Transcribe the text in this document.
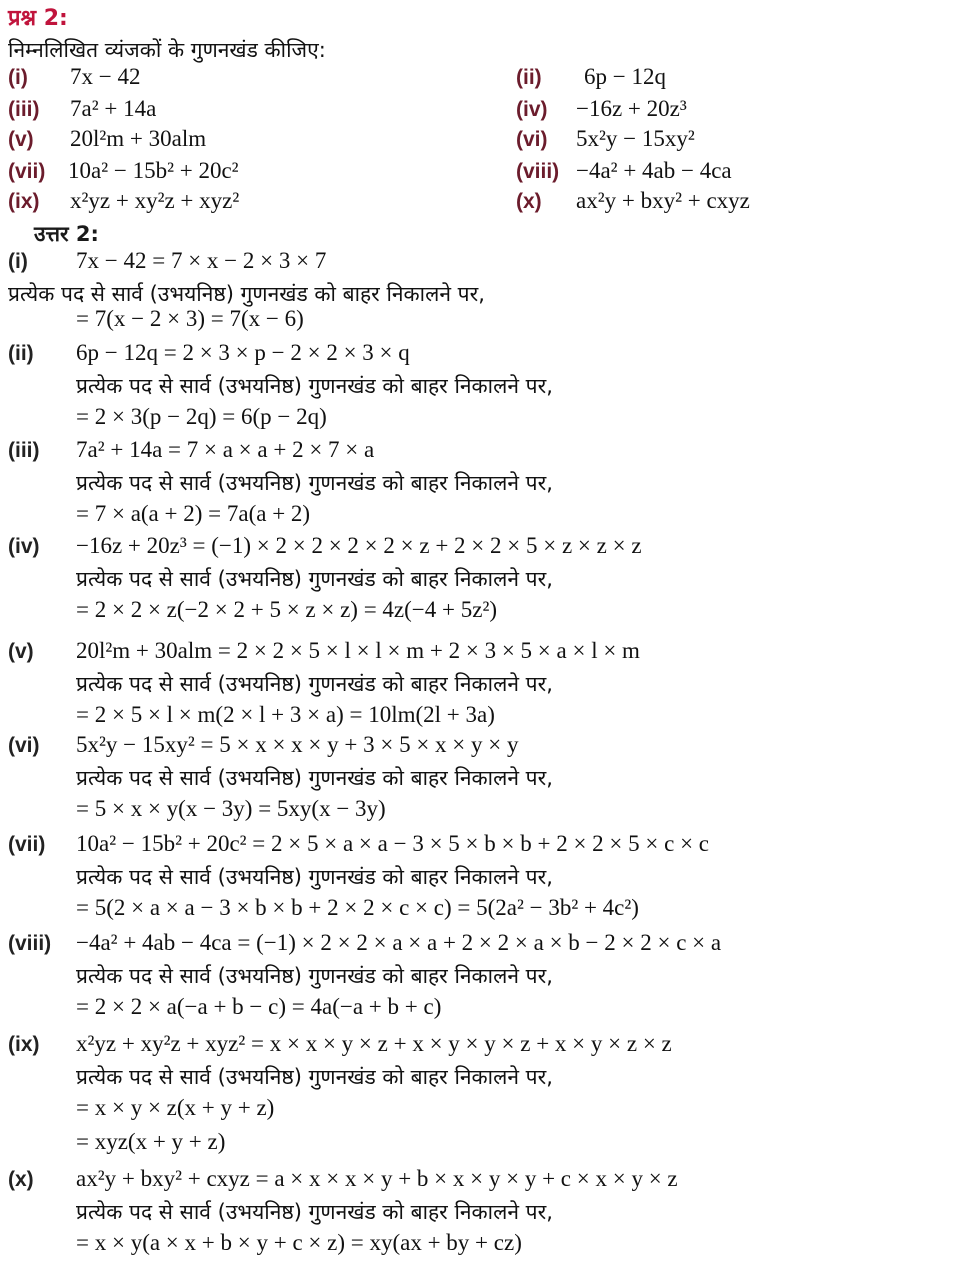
प्रश्न 2:
निम्नलिखित व्यंजकों के गुणनखंड कीजिए:
(i) 7x − 42	(ii) 6p − 12q
(iii) 7a² + 14a	(iv) −16z + 20z³
(v) 20l²m + 30alm	(vi) 5x²y − 15xy²
(vii) 10a² − 15b² + 20c²	(viii) −4a² + 4ab − 4ca
(ix) x²yz + xy²z + xyz²	(x) ax²y + bxy² + cxyz
उत्तर 2:
(i) 7x − 42 = 7 × x − 2 × 3 × 7
प्रत्येक पद से सार्व (उभयनिष्ठ) गुणनखंड को बाहर निकालने पर,
= 7(x − 2 × 3) = 7(x − 6)
(ii) 6p − 12q = 2 × 3 × p − 2 × 2 × 3 × q
प्रत्येक पद से सार्व (उभयनिष्ठ) गुणनखंड को बाहर निकालने पर,
= 2 × 3(p − 2q) = 6(p − 2q)
(iii) 7a² + 14a = 7 × a × a + 2 × 7 × a
प्रत्येक पद से सार्व (उभयनिष्ठ) गुणनखंड को बाहर निकालने पर,
= 7 × a(a + 2) = 7a(a + 2)
(iv) −16z + 20z³ = (−1) × 2 × 2 × 2 × 2 × z + 2 × 2 × 5 × z × z × z
प्रत्येक पद से सार्व (उभयनिष्ठ) गुणनखंड को बाहर निकालने पर,
= 2 × 2 × z(−2 × 2 + 5 × z × z) = 4z(−4 + 5z²)
(v) 20l²m + 30alm = 2 × 2 × 5 × l × l × m + 2 × 3 × 5 × a × l × m
प्रत्येक पद से सार्व (उभयनिष्ठ) गुणनखंड को बाहर निकालने पर,
= 2 × 5 × l × m(2 × l + 3 × a) = 10lm(2l + 3a)
(vi) 5x²y − 15xy² = 5 × x × x × y + 3 × 5 × x × y × y
प्रत्येक पद से सार्व (उभयनिष्ठ) गुणनखंड को बाहर निकालने पर,
= 5 × x × y(x − 3y) = 5xy(x − 3y)
(vii) 10a² − 15b² + 20c² = 2 × 5 × a × a − 3 × 5 × b × b + 2 × 2 × 5 × c × c
प्रत्येक पद से सार्व (उभयनिष्ठ) गुणनखंड को बाहर निकालने पर,
= 5(2 × a × a − 3 × b × b + 2 × 2 × c × c) = 5(2a² − 3b² + 4c²)
(viii) −4a² + 4ab − 4ca = (−1) × 2 × 2 × a × a + 2 × 2 × a × b − 2 × 2 × c × a
प्रत्येक पद से सार्व (उभयनिष्ठ) गुणनखंड को बाहर निकालने पर,
= 2 × 2 × a(−a + b − c) = 4a(−a + b + c)
(ix) x²yz + xy²z + xyz² = x × x × y × z + x × y × y × z + x × y × z × z
प्रत्येक पद से सार्व (उभयनिष्ठ) गुणनखंड को बाहर निकालने पर,
= x × y × z(x + y + z)
= xyz(x + y + z)
(x) ax²y + bxy² + cxyz = a × x × x × y + b × x × y × y + c × x × y × z
प्रत्येक पद से सार्व (उभयनिष्ठ) गुणनखंड को बाहर निकालने पर,
= x × y(a × x + b × y + c × z) = xy(ax + by + cz)
